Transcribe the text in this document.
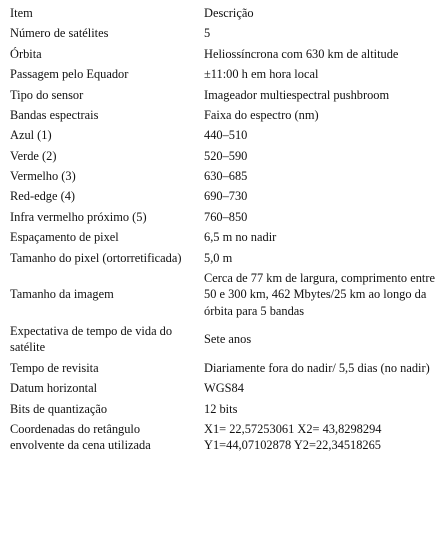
Item	Descrição
Número de satélites	5
Órbita	Heliossíncrona com 630 km de altitude
Passagem pelo Equador	±11:00 h em hora local
Tipo do sensor	Imageador multiespectral pushbroom
Bandas espectrais	Faixa do espectro (nm)
Azul (1)	440–510
Verde (2)	520–590
Vermelho (3)	630–685
Red-edge (4)	690–730
Infra vermelho próximo (5)	760–850
Espaçamento de pixel	6,5 m no nadir
Tamanho do pixel (ortorretificada)	5,0 m
Tamanho da imagem	Cerca de 77 km de largura, comprimento entre 50 e 300 km, 462 Mbytes/25 km ao longo da órbita para 5 bandas
Expectativa de tempo de vida do satélite	Sete anos
Tempo de revisita	Diariamente fora do nadir/ 5,5 dias (no nadir)
Datum horizontal	WGS84
Bits de quantização	12 bits
Coordenadas do retângulo envolvente da cena utilizada	X1= 22,57253061 X2= 43,8298294 Y1=44,07102878 Y2=22,34518265
